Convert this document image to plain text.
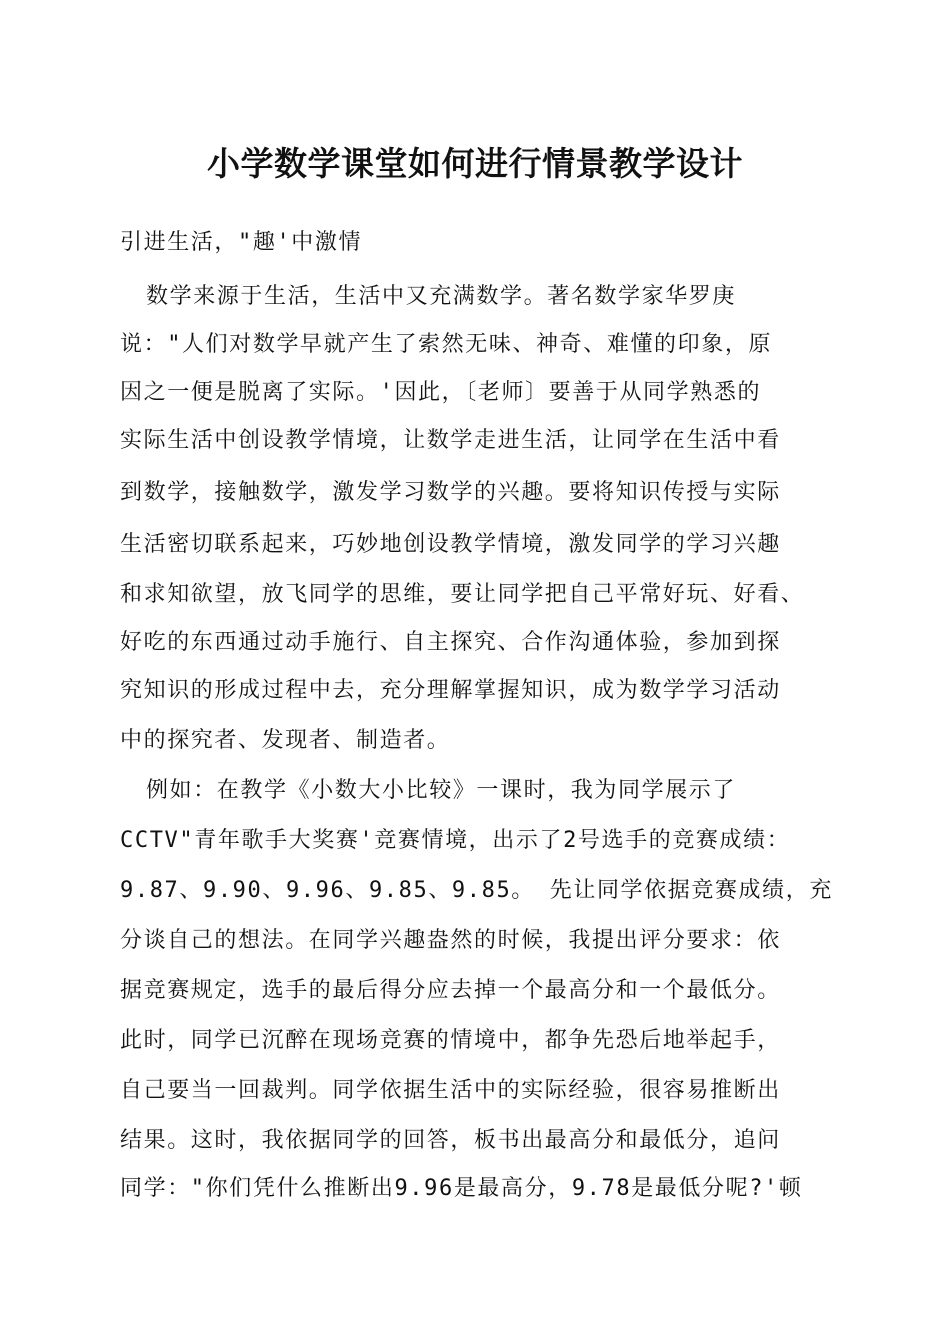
小学数学课堂如何进行情景教学设计
引进生活，"趣'中激情
数学来源于生活，生活中又充满数学。著名数学家华罗庚
说："人们对数学早就产生了索然无味、神奇、难懂的印象，原
因之一便是脱离了实际。'因此，〔老师〕要善于从同学熟悉的
实际生活中创设教学情境，让数学走进生活，让同学在生活中看
到数学，接触数学，激发学习数学的兴趣。要将知识传授与实际
生活密切联系起来，巧妙地创设教学情境，激发同学的学习兴趣
和求知欲望，放飞同学的思维，要让同学把自己平常好玩、好看、
好吃的东西通过动手施行、自主探究、合作沟通体验，参加到探
究知识的形成过程中去，充分理解掌握知识，成为数学学习活动
中的探究者、发现者、制造者。
例如：在教学《小数大小比较》一课时，我为同学展示了
CCTV"青年歌手大奖赛'竞赛情境，出示了2号选手的竞赛成绩：
9.87、9.90、9.96、9.85、9.85。 先让同学依据竞赛成绩，充
分谈自己的想法。在同学兴趣盎然的时候，我提出评分要求：依
据竞赛规定，选手的最后得分应去掉一个最高分和一个最低分。
此时，同学已沉醉在现场竞赛的情境中，都争先恐后地举起手，
自己要当一回裁判。同学依据生活中的实际经验，很容易推断出
结果。这时，我依据同学的回答，板书出最高分和最低分，追问
同学："你们凭什么推断出9.96是最高分，9.78是最低分呢?'顿
